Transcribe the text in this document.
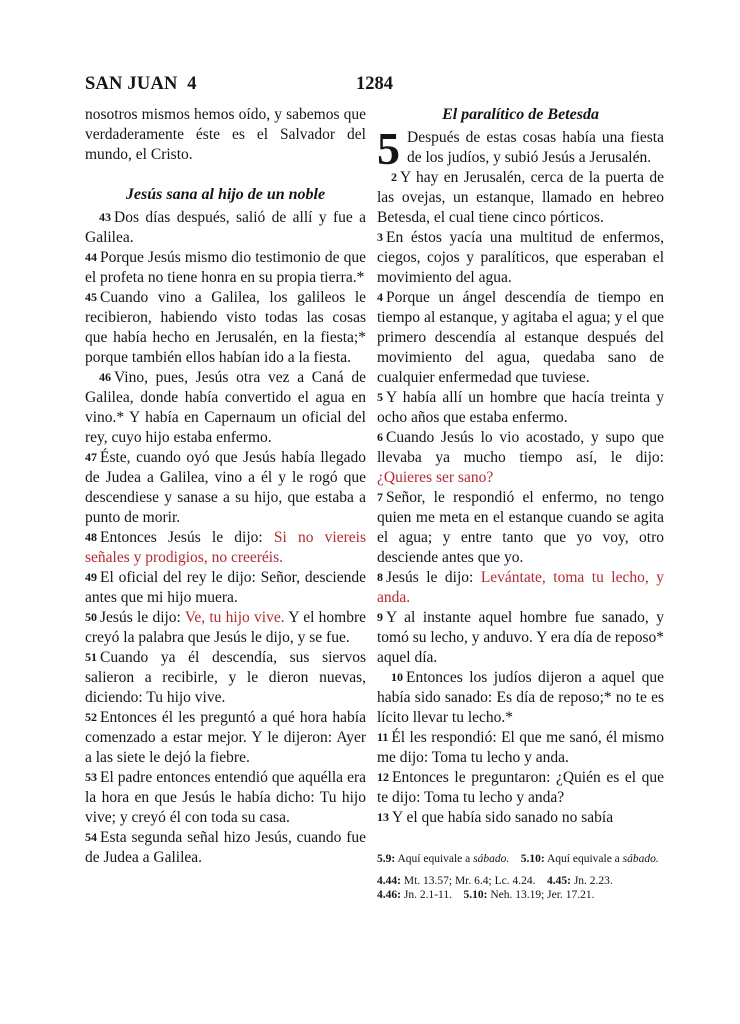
SAN JUAN  4	1284

nosotros mismos hemos oído, y sabemos que verdaderamente éste es el Salvador del mundo, el Cristo.

Jesús sana al hijo de un noble

43 Dos días después, salió de allí y fue a Galilea.

44 Porque Jesús mismo dio testimonio de que el profeta no tiene honra en su propia tierra.*

45 Cuando vino a Galilea, los galileos le recibieron, habiendo visto todas las cosas que había hecho en Jerusalén, en la fiesta;* porque también ellos habían ido a la fiesta.

46 Vino, pues, Jesús otra vez a Caná de Galilea, donde había convertido el agua en vino.* Y había en Capernaum un oficial del rey, cuyo hijo estaba enfermo.

47 Éste, cuando oyó que Jesús había llegado de Judea a Galilea, vino a él y le rogó que descendiese y sanase a su hijo, que estaba a punto de morir.

48 Entonces Jesús le dijo: Si no viereis señales y prodigios, no creeréis.

49 El oficial del rey le dijo: Señor, desciende antes que mi hijo muera.

50 Jesús le dijo: Ve, tu hijo vive. Y el hombre creyó la palabra que Jesús le dijo, y se fue.

51 Cuando ya él descendía, sus siervos salieron a recibirle, y le dieron nuevas, diciendo: Tu hijo vive.

52 Entonces él les preguntó a qué hora había comenzado a estar mejor. Y le dijeron: Ayer a las siete le dejó la fiebre.

53 El padre entonces entendió que aquélla era la hora en que Jesús le había dicho: Tu hijo vive; y creyó él con toda su casa.

54 Esta segunda señal hizo Jesús, cuando fue de Judea a Galilea.

El paralítico de Betesda

5 Después de estas cosas había una fiesta de los judíos, y subió Jesús a Jerusalén.

2 Y hay en Jerusalén, cerca de la puerta de las ovejas, un estanque, llamado en hebreo Betesda, el cual tiene cinco pórticos.

3 En éstos yacía una multitud de enfermos, ciegos, cojos y paralíticos, que esperaban el movimiento del agua.

4 Porque un ángel descendía de tiempo en tiempo al estanque, y agitaba el agua; y el que primero descendía al estanque después del movimiento del agua, quedaba sano de cualquier enfermedad que tuviese.

5 Y había allí un hombre que hacía treinta y ocho años que estaba enfermo.

6 Cuando Jesús lo vio acostado, y supo que llevaba ya mucho tiempo así, le dijo: ¿Quieres ser sano?

7 Señor, le respondió el enfermo, no tengo quien me meta en el estanque cuando se agita el agua; y entre tanto que yo voy, otro desciende antes que yo.

8 Jesús le dijo: Levántate, toma tu lecho, y anda.

9 Y al instante aquel hombre fue sanado, y tomó su lecho, y anduvo. Y era día de reposo* aquel día.

10 Entonces los judíos dijeron a aquel que había sido sanado: Es día de reposo;* no te es lícito llevar tu lecho.*

11 Él les respondió: El que me sanó, él mismo me dijo: Toma tu lecho y anda.

12 Entonces le preguntaron: ¿Quién es el que te dijo: Toma tu lecho y anda?

13 Y el que había sido sanado no sabía

5.9: Aquí equivale a sábado.  5.10: Aquí equivale a sábado.

4.44: Mt. 13.57; Mr. 6.4; Lc. 4.24. 4.45: Jn. 2.23.

4.46: Jn. 2.1-11. 5.10: Neh. 13.19; Jer. 17.21.
